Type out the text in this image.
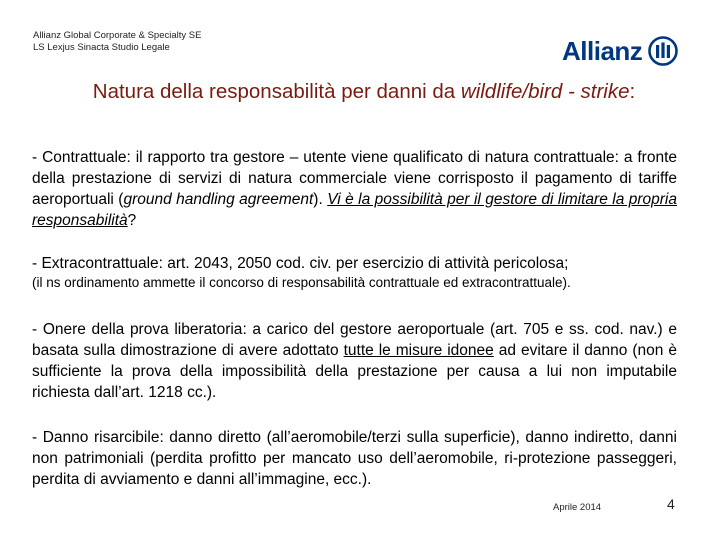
Allianz Global Corporate & Specialty SE
LS Lexjus Sinacta Studio Legale	Allianz
Natura della responsabilità per danni da wildlife/bird - strike:
- Contrattuale: il rapporto tra gestore – utente viene qualificato di natura contrattuale: a fronte della prestazione di servizi di natura commerciale viene corrisposto il pagamento di tariffe aeroportuali (ground handling agreement). Vi è la possibilità per il gestore di limitare la propria responsabilità?
- Extracontrattuale: art. 2043, 2050 cod. civ. per esercizio di attività pericolosa;
(il ns ordinamento ammette il concorso di responsabilità contrattuale ed extracontrattuale).
- Onere della prova liberatoria: a carico del gestore aeroportuale (art. 705 e ss. cod. nav.) e basata sulla dimostrazione di avere adottato tutte le misure idonee ad evitare il danno (non è sufficiente la prova della impossibilità della prestazione per causa a lui non imputabile richiesta dall’art. 1218 cc.).
- Danno risarcibile: danno diretto (all’aeromobile/terzi sulla superficie), danno indiretto, danni non patrimoniali (perdita profitto per mancato uso dell’aeromobile, ri-protezione passeggeri, perdita di avviamento e danni all’immagine, ecc.).
Aprile 2014	4
